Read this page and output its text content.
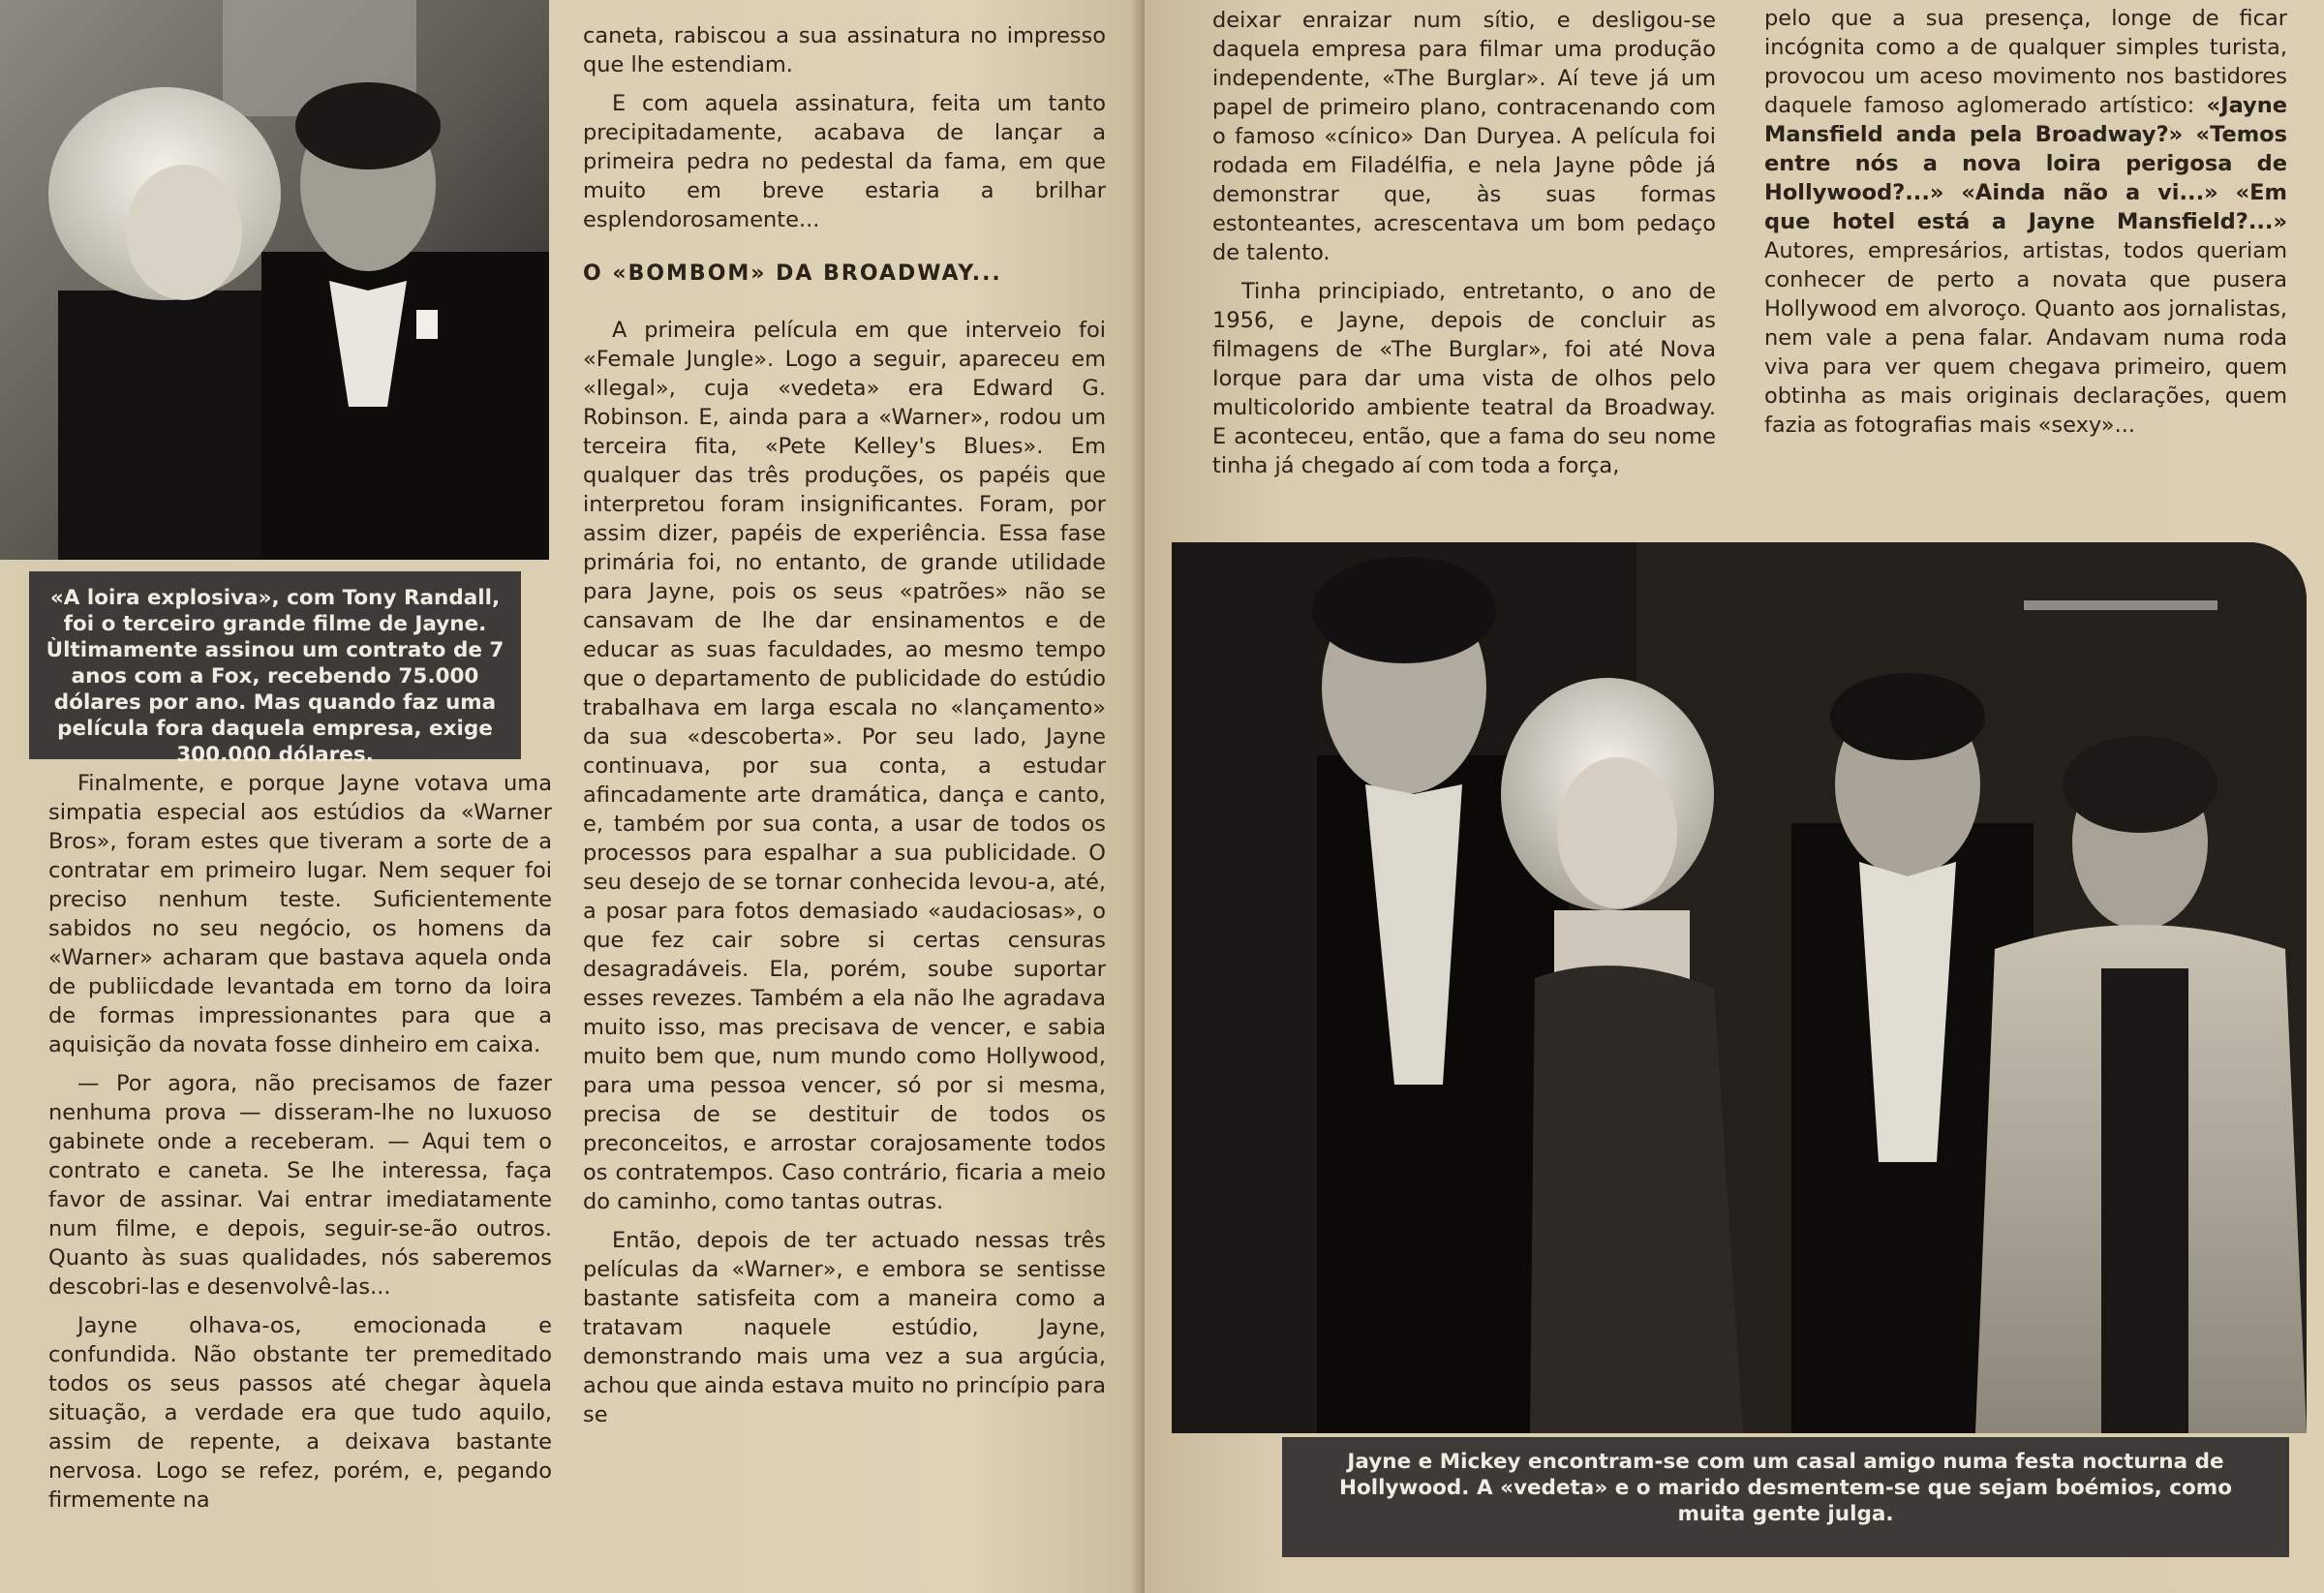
«A loira explosiva», com Tony Randall, foi o terceiro grande filme de Jayne. Ùltimamente assinou um contrato de 7 anos com a Fox, recebendo 75.000 dólares por ano. Mas quando faz uma película fora daquela empresa, exige 300.000 dólares.

Finalmente, e porque Jayne votava uma simpatia especial aos estúdios da «Warner Bros», foram estes que tiveram a sorte de a contratar em primeiro lugar. Nem sequer foi preciso nenhum teste. Suficientemente sabidos no seu negócio, os homens da «Warner» acharam que bastava aquela onda de publiicdade levantada em torno da loira de formas impressionantes para que a aquisição da novata fosse dinheiro em caixa.

— Por agora, não precisamos de fazer nenhuma prova — disseram-lhe no luxuoso gabinete onde a receberam. — Aqui tem o contrato e caneta. Se lhe interessa, faça favor de assinar. Vai entrar imediatamente num filme, e depois, seguir-se-ão outros. Quanto às suas qualidades, nós saberemos descobri-las e desenvolvê-las...

Jayne olhava-os, emocionada e confundida. Não obstante ter premeditado todos os seus passos até chegar àquela situação, a verdade era que tudo aquilo, assim de repente, a deixava bastante nervosa. Logo se refez, porém, e, pegando firmemente na

caneta, rabiscou a sua assinatura no impresso que lhe estendiam.

E com aquela assinatura, feita um tanto precipitadamente, acabava de lançar a primeira pedra no pedestal da fama, em que muito em breve estaria a brilhar esplendorosamente...

O «BOMBOM» DA BROADWAY...

A primeira película em que interveio foi «Female Jungle». Logo a seguir, apareceu em «Ilegal», cuja «vedeta» era Edward G. Robinson. E, ainda para a «Warner», rodou um terceira fita, «Pete Kelley's Blues». Em qualquer das três produções, os papéis que interpretou foram insignificantes. Foram, por assim dizer, papéis de experiência. Essa fase primária foi, no entanto, de grande utilidade para Jayne, pois os seus «patrões» não se cansavam de lhe dar ensinamentos e de educar as suas faculdades, ao mesmo tempo que o departamento de publicidade do estúdio trabalhava em larga escala no «lançamento» da sua «descoberta». Por seu lado, Jayne continuava, por sua conta, a estudar afincadamente arte dramática, dança e canto, e, também por sua conta, a usar de todos os processos para espalhar a sua publicidade. O seu desejo de se tornar conhecida levou-a, até, a posar para fotos demasiado «audaciosas», o que fez cair sobre si certas censuras desagradáveis. Ela, porém, soube suportar esses revezes. Também a ela não lhe agradava muito isso, mas precisava de vencer, e sabia muito bem que, num mundo como Hollywood, para uma pessoa vencer, só por si mesma, precisa de se destituir de todos os preconceitos, e arrostar corajosamente todos os contratempos. Caso contrário, ficaria a meio do caminho, como tantas outras.

Então, depois de ter actuado nessas três películas da «Warner», e embora se sentisse bastante satisfeita com a maneira como a tratavam naquele estúdio, Jayne, demonstrando mais uma vez a sua argúcia, achou que ainda estava muito no princípio para se

deixar enraizar num sítio, e desligou-se daquela empresa para filmar uma produção independente, «The Burglar». Aí teve já um papel de primeiro plano, contracenando com o famoso «cínico» Dan Duryea. A película foi rodada em Filadélfia, e nela Jayne pôde já demonstrar que, às suas formas estonteantes, acrescentava um bom pedaço de talento.

Tinha principiado, entretanto, o ano de 1956, e Jayne, depois de concluir as filmagens de «The Burglar», foi até Nova Iorque para dar uma vista de olhos pelo multicolorido ambiente teatral da Broadway. E aconteceu, então, que a fama do seu nome tinha já chegado aí com toda a força,

pelo que a sua presença, longe de ficar incógnita como a de qualquer simples turista, provocou um aceso movimento nos bastidores daquele famoso aglomerado artístico: «Jayne Mansfield anda pela Broadway?» «Temos entre nós a nova loira perigosa de Hollywood?...» «Ainda não a vi...» «Em que hotel está a Jayne Mansfield?...» Autores, empresários, artistas, todos queriam conhecer de perto a novata que pusera Hollywood em alvoroço. Quanto aos jornalistas, nem vale a pena falar. Andavam numa roda viva para ver quem chegava primeiro, quem obtinha as mais originais declarações, quem fazia as fotografias mais «sexy»...

Jayne e Mickey encontram-se com um casal amigo numa festa nocturna de Hollywood. A «vedeta» e o marido desmentem-se que sejam boémios, como muita gente julga.
